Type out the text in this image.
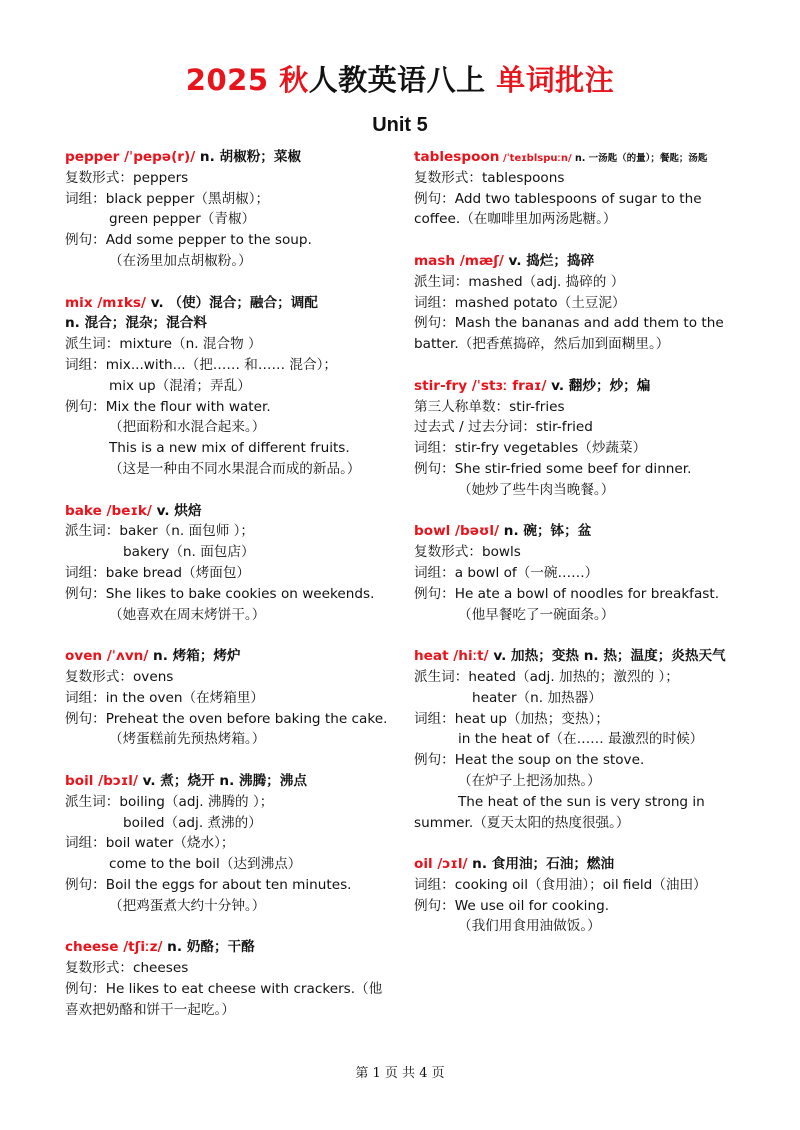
2025 秋人教英语八上 单词批注
Unit 5
pepper /ˈpepə(r)/ n. 胡椒粉；菜椒
复数形式：peppers
词组：black pepper（黑胡椒）；
green pepper（青椒）
例句：Add some pepper to the soup.
（在汤里加点胡椒粉。）
mix /mɪks/ v. （使）混合；融合；调配
n. 混合；混杂；混合料
派生词：mixture（n. 混合物 ）
词组：mix...with...（把…… 和…… 混合）；
mix up（混淆；弄乱）
例句：Mix the flour with water.
（把面粉和水混合起来。）
This is a new mix of different fruits.
（这是一种由不同水果混合而成的新品。）
bake /beɪk/ v. 烘焙
派生词：baker（n. 面包师 ）；
bakery（n. 面包店）
词组：bake bread（烤面包）
例句：She likes to bake cookies on weekends.
（她喜欢在周末烤饼干。）
oven /ˈʌvn/ n. 烤箱；烤炉
复数形式：ovens
词组：in the oven（在烤箱里）
例句：Preheat the oven before baking the cake.
（烤蛋糕前先预热烤箱。）
boil /bɔɪl/ v. 煮；烧开 n. 沸腾；沸点
派生词：boiling（adj. 沸腾的 ）；
boiled（adj. 煮沸的）
词组：boil water（烧水）；
come to the boil（达到沸点）
例句：Boil the eggs for about ten minutes.
（把鸡蛋煮大约十分钟。）
cheese /tʃiːz/ n. 奶酪；干酪
复数形式：cheeses
例句：He likes to eat cheese with crackers.（他
喜欢把奶酪和饼干一起吃。）
tablespoon /ˈteɪblspuːn/ n. 一汤匙（的量）；餐匙；汤匙
复数形式：tablespoons
例句：Add two tablespoons of sugar to the
coffee.（在咖啡里加两汤匙糖。）
mash /mæʃ/ v. 捣烂；捣碎
派生词：mashed（adj. 捣碎的 ）
词组：mashed potato（土豆泥）
例句：Mash the bananas and add them to the
batter.（把香蕉捣碎，然后加到面糊里。）
stir-fry /ˈstɜː fraɪ/ v. 翻炒；炒；煸
第三人称单数：stir-fries
过去式 / 过去分词：stir-fried
词组：stir-fry vegetables（炒蔬菜）
例句：She stir-fried some beef for dinner.
（她炒了些牛肉当晚餐。）
bowl /bəʊl/ n. 碗；钵；盆
复数形式：bowls
词组：a bowl of（一碗……）
例句：He ate a bowl of noodles for breakfast.
（他早餐吃了一碗面条。）
heat /hiːt/ v. 加热；变热 n. 热；温度；炎热天气
派生词：heated（adj. 加热的；激烈的 ）；
heater（n. 加热器）
词组：heat up（加热；变热）；
in the heat of（在…… 最激烈的时候）
例句：Heat the soup on the stove.
（在炉子上把汤加热。）
The heat of the sun is very strong in
summer.（夏天太阳的热度很强。）
oil /ɔɪl/ n. 食用油；石油；燃油
词组：cooking oil（食用油）；oil field（油田）
例句：We use oil for cooking.
（我们用食用油做饭。）
第 1 页 共 4 页
